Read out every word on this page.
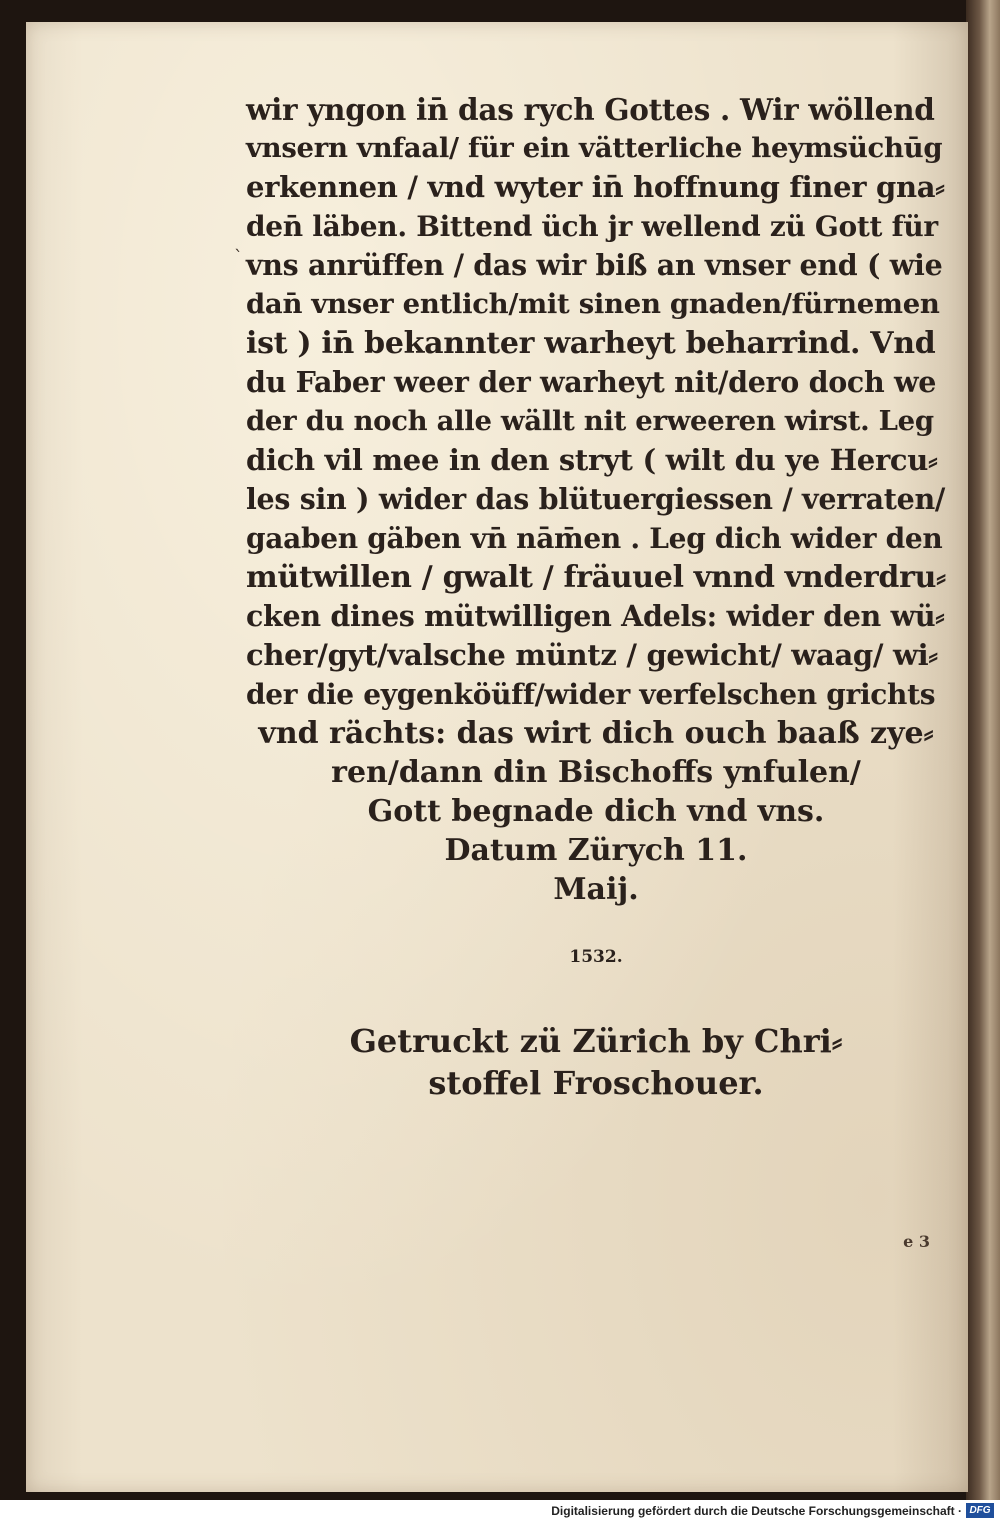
`
wir yngon in̄ das rych Gottes . Wir wöllend
vnsern vnfaal/ für ein vätterliche heymsüchūg
erkennen / vnd wyter in̄ hoffnung finer gna⸗
den̄ läben. Bittend üch jr wellend zü Gott für
vns anrüffen / das wir biß an vnser end ( wie
dan̄ vnser entlich/mit sinen gnaden/fürnemen
ist ) in̄ bekannter warheyt beharrind. Vnd
du Faber weer der warheyt nit/dero doch we
der du noch alle wällt nit erweeren wirst. Leg
dich vil mee in den stryt ( wilt du ye Hercu⸗
les sin ) wider das blütuergiessen / verraten/
gaaben gäben vn̄ nām̄en . Leg dich wider den
mütwillen / gwalt / fräuuel vnnd vnderdru⸗
cken dines mütwilligen Adels: wider den wü⸗
cher/gyt/valsche müntz / gewicht/ waag/ wi⸗
der die eygenköüff/wider verfelschen grichts
vnd rächts: das wirt dich ouch baaß zye⸗
ren/dann din Bischoffs ynfulen/
Gott begnade dich vnd vns.
Datum Zürych 11.
Maij.
1532.
Getruckt zü Zürich by Chri⸗
stoffel Froschouer.
e 3
Digitalisierung gefördert durch die Deutsche Forschungsgemeinschaft · DFG
